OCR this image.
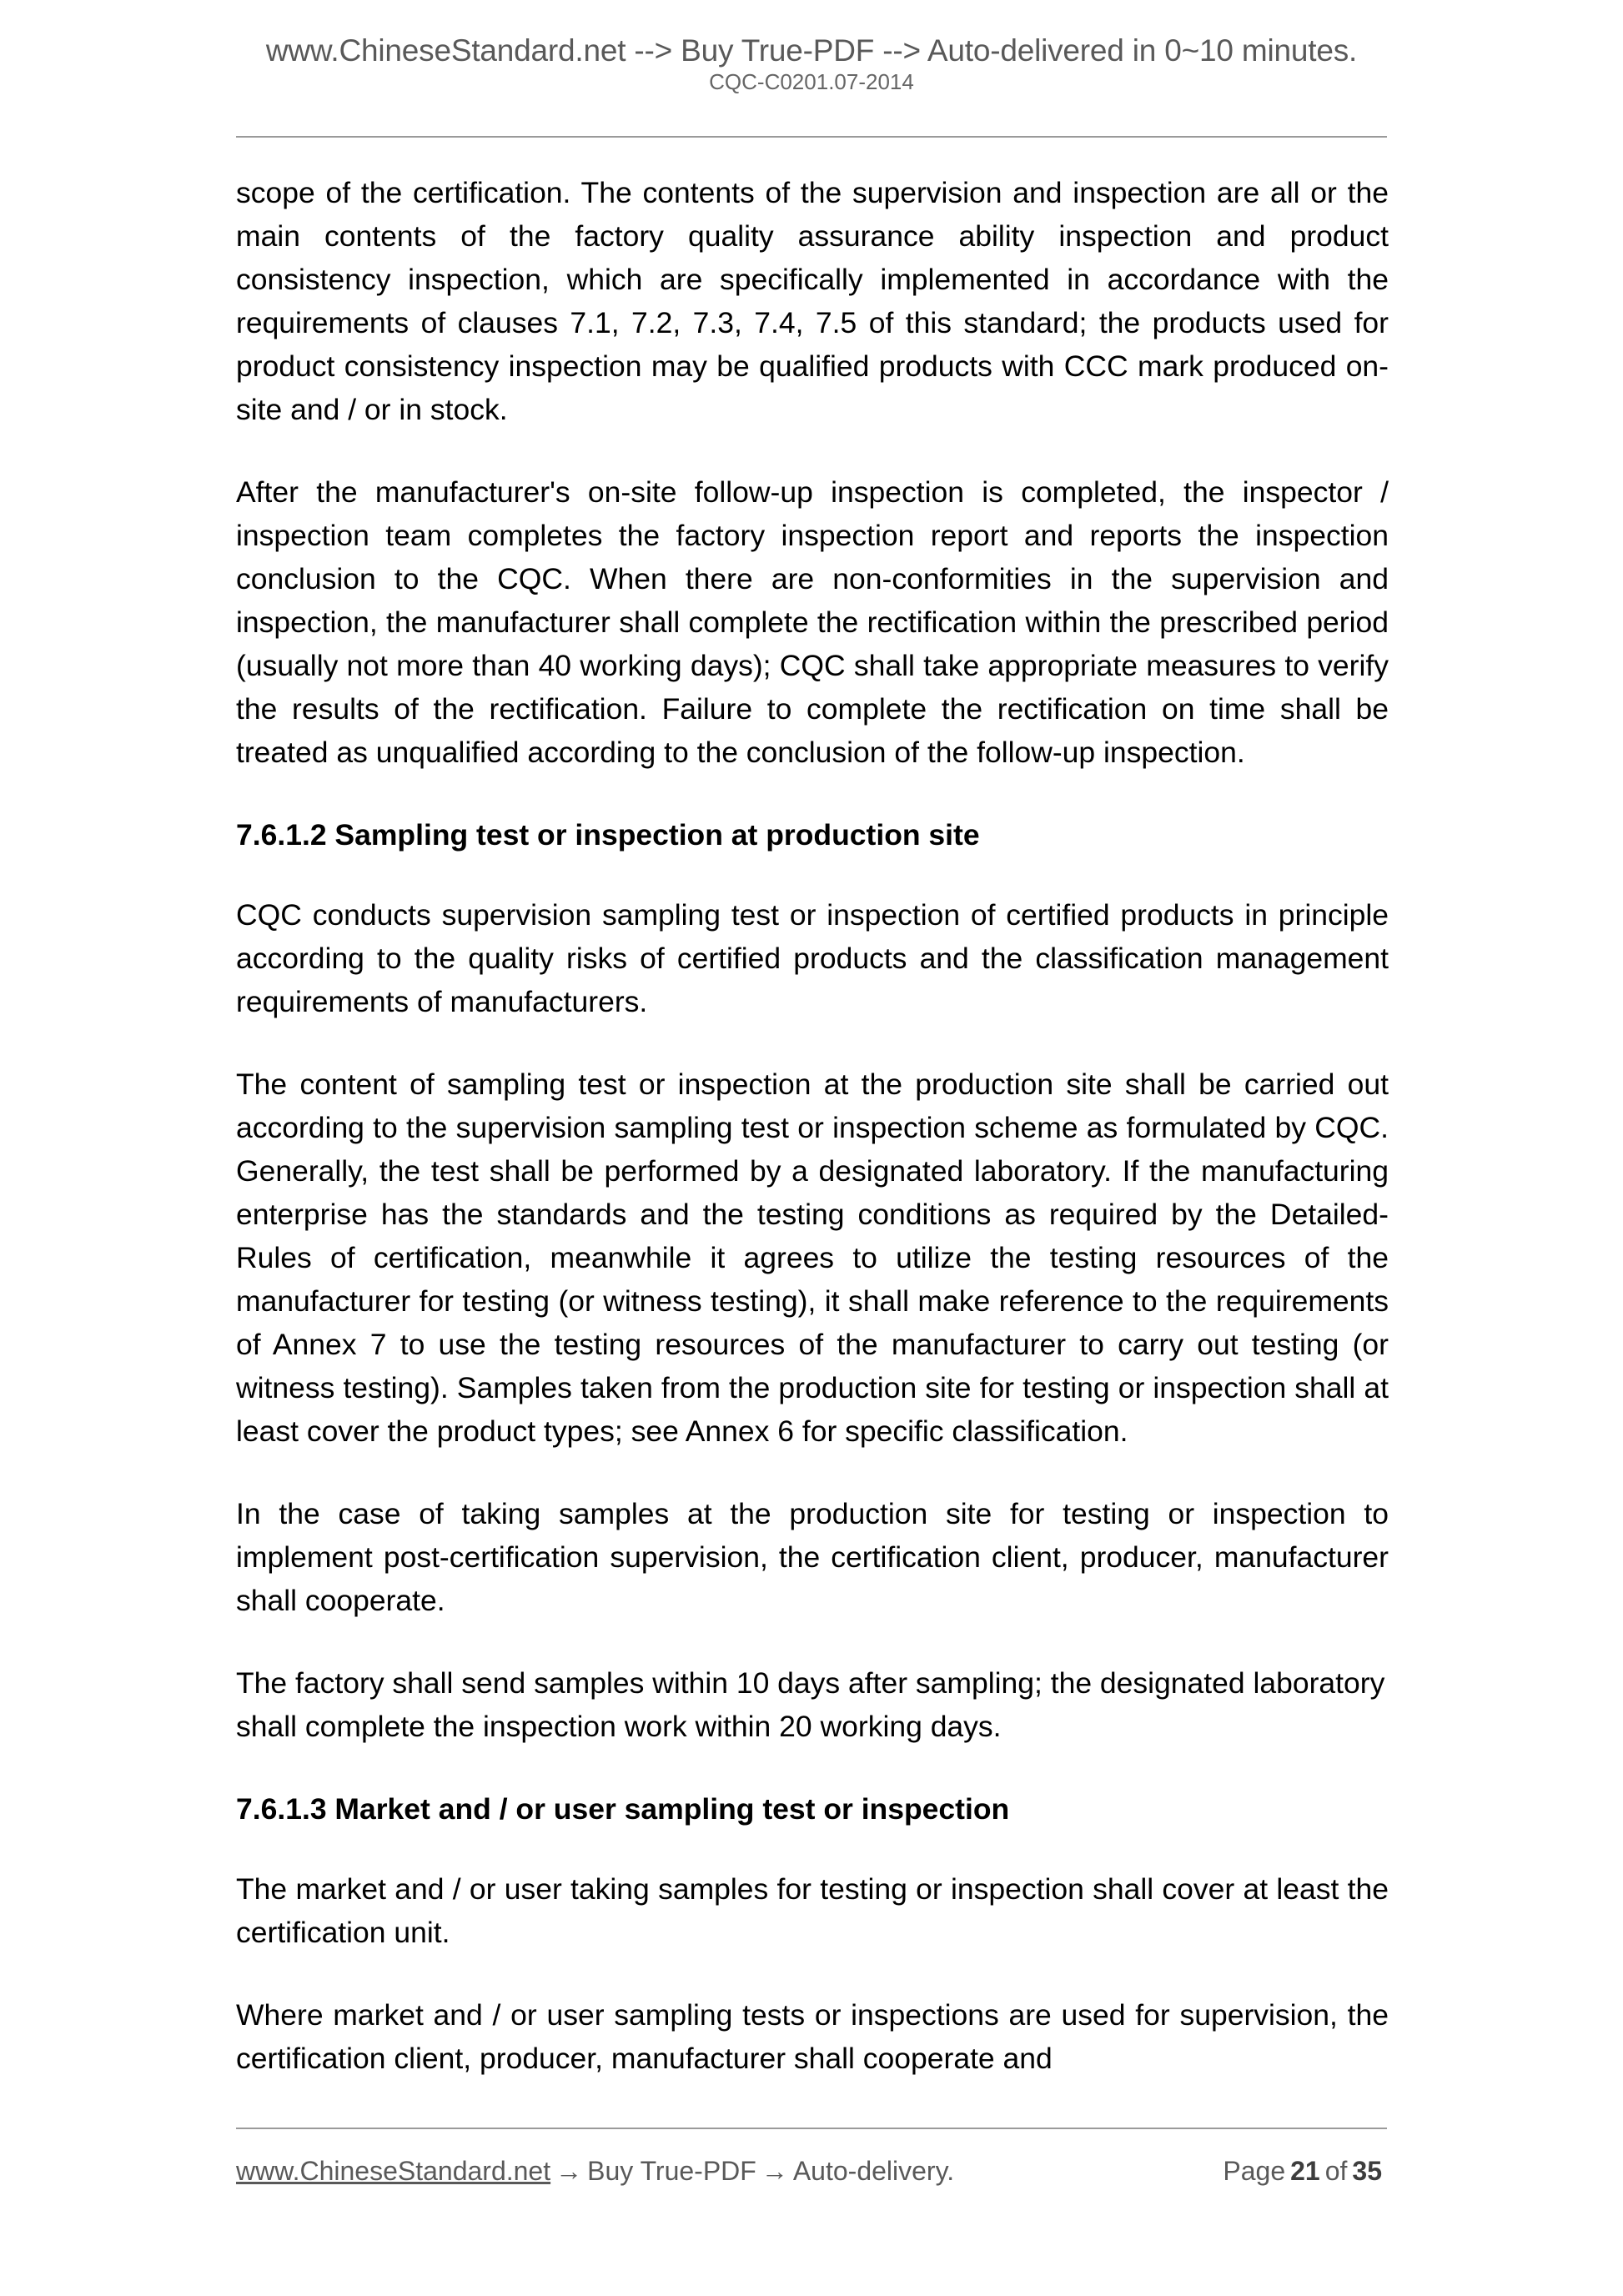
www.ChineseStandard.net --> Buy True-PDF --> Auto-delivered in 0~10 minutes.
CQC-C0201.07-2014

scope of the certification. The contents of the supervision and inspection are all or the main contents of the factory quality assurance ability inspection and product consistency inspection, which are specifically implemented in accordance with the requirements of clauses 7.1, 7.2, 7.3, 7.4, 7.5 of this standard; the products used for product consistency inspection may be qualified products with CCC mark produced on-site and / or in stock.

After the manufacturer's on-site follow-up inspection is completed, the inspector / inspection team completes the factory inspection report and reports the inspection conclusion to the CQC. When there are non-conformities in the supervision and inspection, the manufacturer shall complete the rectification within the prescribed period (usually not more than 40 working days); CQC shall take appropriate measures to verify the results of the rectification. Failure to complete the rectification on time shall be treated as unqualified according to the conclusion of the follow-up inspection.

7.6.1.2 Sampling test or inspection at production site

CQC conducts supervision sampling test or inspection of certified products in principle according to the quality risks of certified products and the classification management requirements of manufacturers.

The content of sampling test or inspection at the production site shall be carried out according to the supervision sampling test or inspection scheme as formulated by CQC. Generally, the test shall be performed by a designated laboratory. If the manufacturing enterprise has the standards and the testing conditions as required by the Detailed-Rules of certification, meanwhile it agrees to utilize the testing resources of the manufacturer for testing (or witness testing), it shall make reference to the requirements of Annex 7 to use the testing resources of the manufacturer to carry out testing (or witness testing). Samples taken from the production site for testing or inspection shall at least cover the product types; see Annex 6 for specific classification.

In the case of taking samples at the production site for testing or inspection to implement post-certification supervision, the certification client, producer, manufacturer shall cooperate.

The factory shall send samples within 10 days after sampling; the designated laboratory shall complete the inspection work within 20 working days.

7.6.1.3 Market and / or user sampling test or inspection

The market and / or user taking samples for testing or inspection shall cover at least the certification unit.

Where market and / or user sampling tests or inspections are used for supervision, the certification client, producer, manufacturer shall cooperate and

www.ChineseStandard.net → Buy True-PDF → Auto-delivery.	Page 21 of 35
